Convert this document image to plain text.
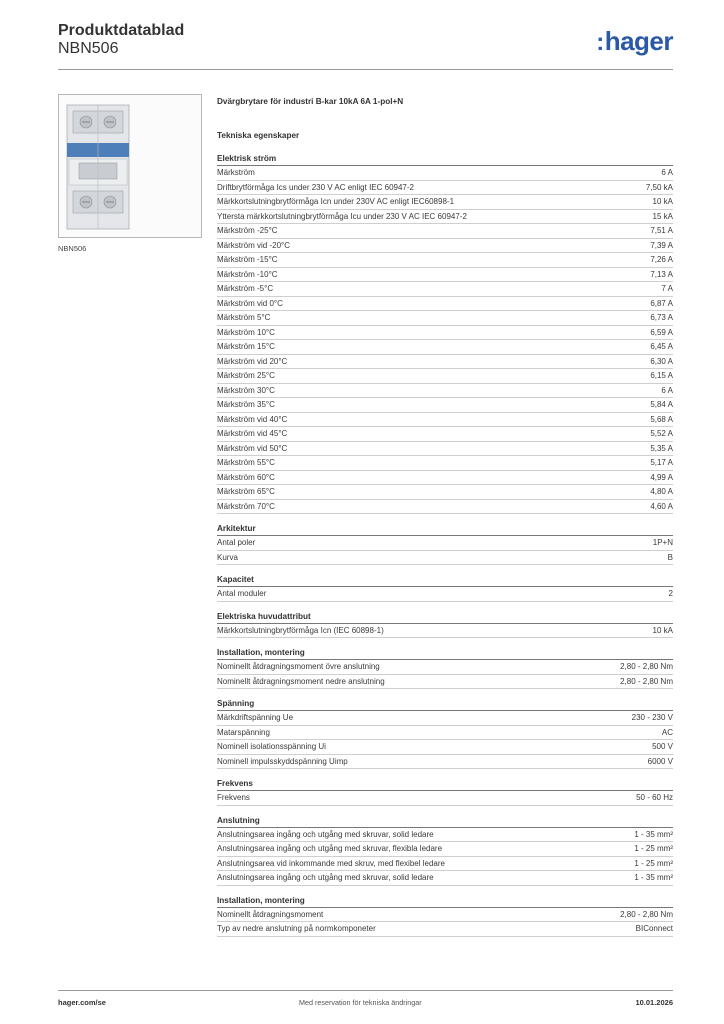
Produktdatablad
NBN506	:hager
NBN506
Dvärgbrytare för industri B-kar 10kA 6A 1-pol+N
Tekniska egenskaper
Elektrisk ström
Märkström	6 A
Driftbrytförmåga Ics under 230 V AC enligt IEC 60947-2	7,50 kA
Märkkortslutningbrytförmåga Icn under 230V AC enligt IEC60898-1	10 kA
Yttersta märkkortslutningbrytförmåga Icu under 230 V AC IEC 60947-2	15 kA
Märkström -25°C	7,51 A
Märkström vid -20°C	7,39 A
Märkström -15°C	7,26 A
Märkström -10°C	7,13 A
Märkström -5°C	7 A
Märkström vid 0°C	6,87 A
Märkström 5°C	6,73 A
Märkström 10°C	6,59 A
Märkström 15°C	6,45 A
Märkström vid 20°C	6,30 A
Märkström 25°C	6,15 A
Märkström 30°C	6 A
Märkström 35°C	5,84 A
Märkström vid 40°C	5,68 A
Märkström vid 45°C	5,52 A
Märkström vid 50°C	5,35 A
Märkström 55°C	5,17 A
Märkström 60°C	4,99 A
Märkström 65°C	4,80 A
Märkström 70°C	4,60 A
Arkitektur
Antal poler	1P+N
Kurva	B
Kapacitet
Antal moduler	2
Elektriska huvudattribut
Märkkortslutningbrytförmåga Icn (IEC 60898-1)	10 kA
Installation, montering
Nominellt åtdragningsmoment övre anslutning	2,80 - 2,80 Nm
Nominellt åtdragningsmoment nedre anslutning	2,80 - 2,80 Nm
Spänning
Märkdriftspänning Ue	230 - 230 V
Matarspänning	AC
Nominell isolationsspänning Ui	500 V
Nominell impulsskyddspänning Uimp	6000 V
Frekvens
Frekvens	50 - 60 Hz
Anslutning
Anslutningsarea ingång och utgång med skruvar, solid ledare	1 - 35 mm²
Anslutningsarea ingång och utgång med skruvar, flexibla ledare	1 - 25 mm²
Anslutningsarea vid inkommande med skruv, med flexibel ledare	1 - 25 mm²
Anslutningsarea ingång och utgång med skruvar, solid ledare	1 - 35 mm²
Installation, montering
Nominellt åtdragningsmoment	2,80 - 2,80 Nm
Typ av nedre anslutning på normkomponeter	BIConnect
hager.com/se	Med reservation för tekniska ändringar	10.01.2026
